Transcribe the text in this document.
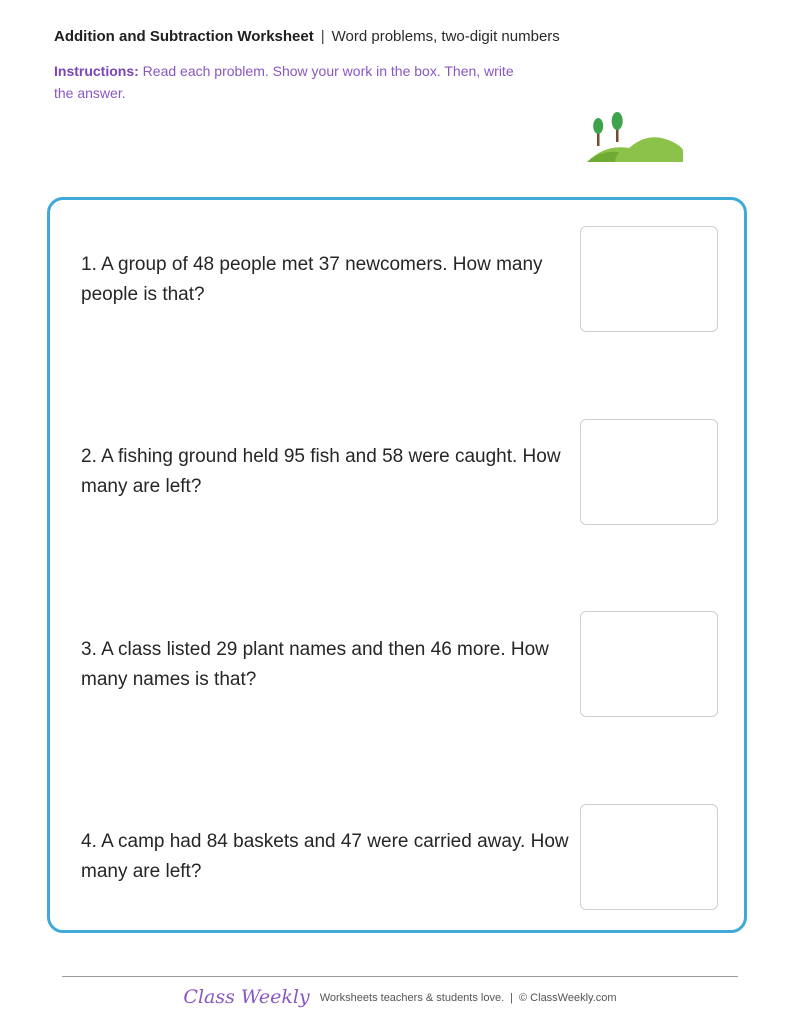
Addition and Subtraction Worksheet | Word problems, two-digit numbers
Instructions: Read each problem. Show your work in the box. Then, write the answer.
1. A group of 48 people met 37 newcomers. How many people is that?
2. A fishing ground held 95 fish and 58 were caught. How many are left?
3. A class listed 29 plant names and then 46 more. How many names is that?
4. A camp had 84 baskets and 47 were carried away. How many are left?
Class Weekly Worksheets teachers & students love. | © ClassWeekly.com
